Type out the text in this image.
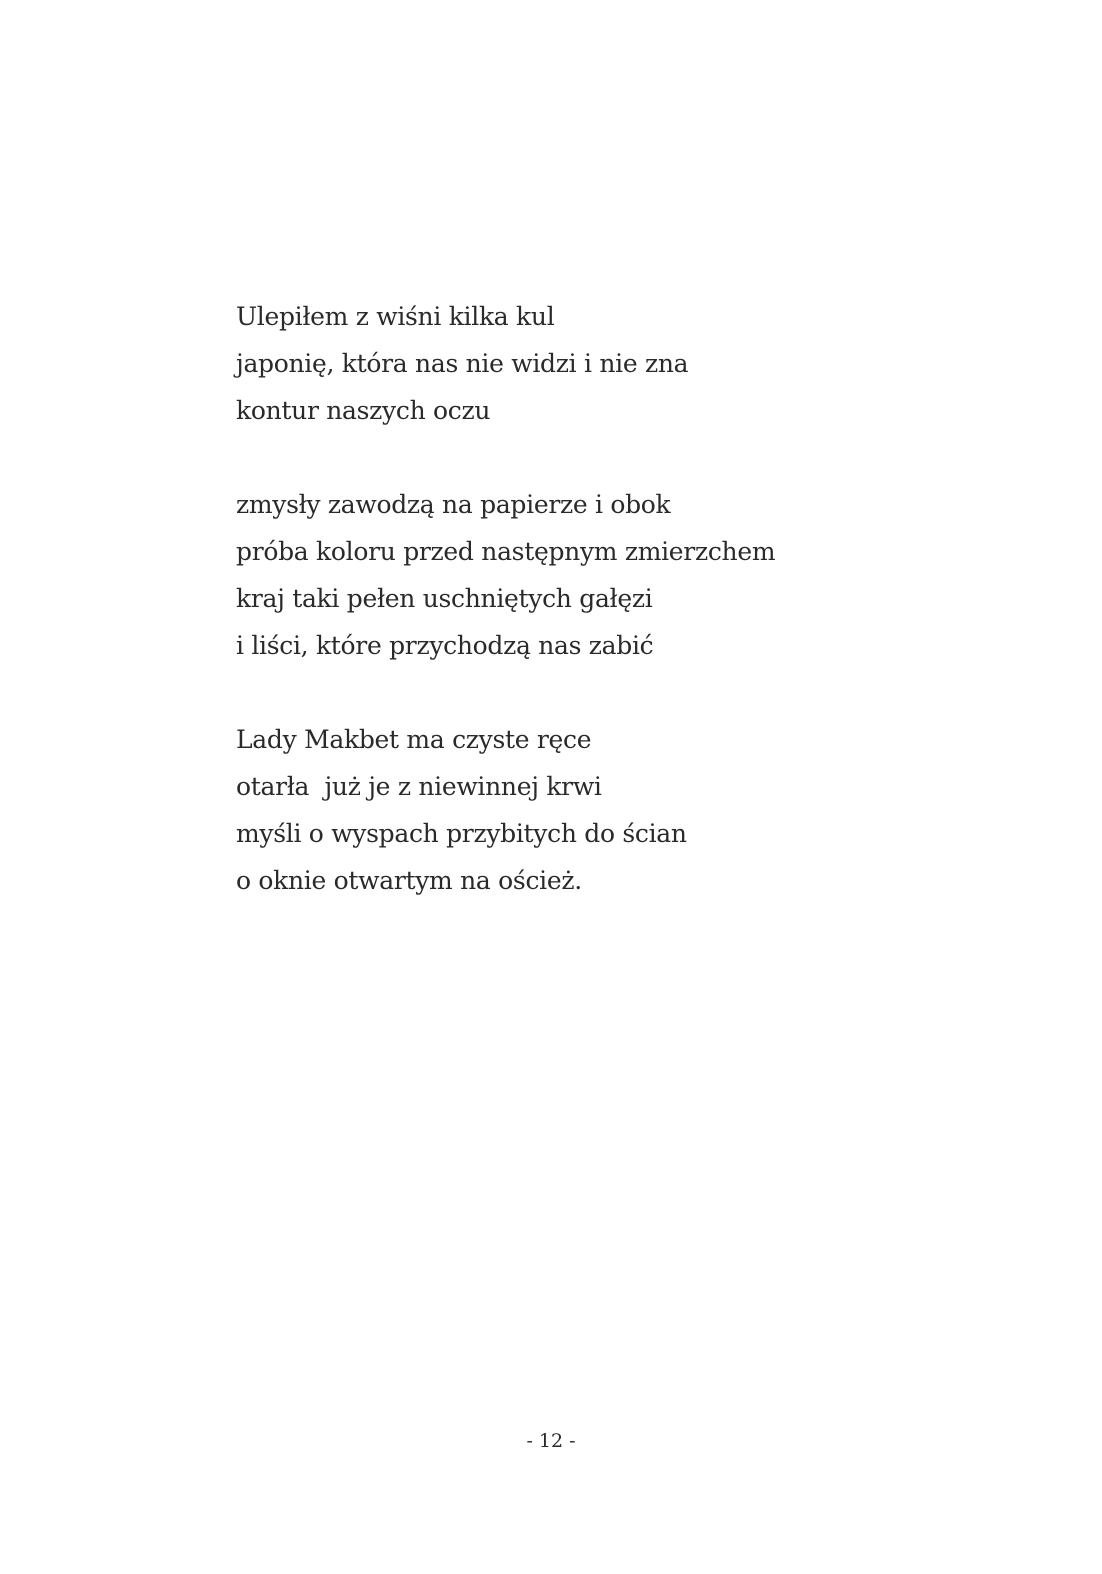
Ulepiłem z wiśni kilka kul
japonię, która nas nie widzi i nie zna
kontur naszych oczu
zmysły zawodzą na papierze i obok
próba koloru przed następnym zmierzchem
kraj taki pełen uschniętych gałęzi
i liści, które przychodzą nas zabić
Lady Makbet ma czyste ręce
otarła  już je z niewinnej krwi
myśli o wyspach przybitych do ścian
o oknie otwartym na oścież.
- 12 -
